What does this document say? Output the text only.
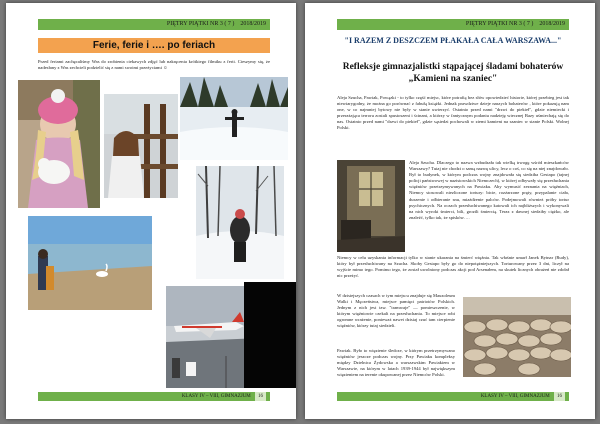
PIĘTRY PIĄTKI NR 3 ( 7 ) 2018/2019
Ferie, ferie i …. po feriach
Przed feriami zachęcaliśmy Was do zrobienia ciekawych zdjęć lub nakręcenia krótkiego filmiku z ferii. Cieszymy się, że nadesłany z Was zechcieli podzielić się z nami swoimi przeżyciami ☺
KLASY IV – VIII, GIMNAZJUM 16
PIĘTRY PIĄTKI NR 3 ( 7 ) 2018/2019
"I RAZEM Z DESZCZEM PŁAKAŁA CAŁA WARSZAWA..."
Refleksje gimnazjalistki stąpającej śladami bohaterów „Kamieni na szaniec"
Aleja Szucha, Pawiak, Powązki - to tylko część miejsc, które potrafią bez słów opowiedzieć historie, której przebieg jest tak niewiarygodny, że można go porównać z fabułą książki. Jednak prawdziwe dzieje naszych bohaterów , które pokazują nam one, w co najmniej bytowy nie były w stanie uwierzyć. Ostatnio przed nami "drzwi do piekieł", gdzie niemiecki i przerażająca terroru zostali spustoszeni i ścinani, a którzy w fantycznym podaniu nadzieję wiecznej Bazy uśmiechają się do nas. Ostatnio przed nami "drzwi do piekieł", gdzie sąsiedzi pochowali w ziemi kamieni na szaniec w stanie Polski. Wolnej Polski.
Aleja Szucha. Dlaczego to nazwa wzbudzała tak wielką trwogę wśród mieszkańców Warszawy? Tutaj nie chodzi o samą nazwę ulicy, lecz o coś, co się na niej znajdowało. Był to budynek, w którym podczas wojny znajdowała się siedziba Gestapo (tajnej policji państwowej w nazistowskich Niemczech), w której odbywały się przesłuchania więźniów przetrzymywanych na Pawiaku. Aby wymusić zeznania na więźniach, Niemcy stosowali niezliczone tortury: bicie, rozżarzone pręty, przypalanie ciała, duszenie i odbieranie snu, miażdżenie palców. Podejmowali również próby tortur psychicznych. Na oczach przesłuchiwanego katowali ich najbliższych i wykonywali na nich wyroki śmierci, bili, grozili śmiercią. Teraz z dawnej siedziby ciężko, ale znaleźć, tylko tak, że spisków….
Niemcy w celu uzyskania informacji tylko w stanie ukarania na śmierć więźnia. Tak właśnie umarł Janek Bytnar (Rudy), który był przesłuchiwany na Szucha. Skoby Gestapo były go do niepotężniejszych. Torturowany przez 3 dni, liczył na wyjście mimo tego. Pomimo tego, że został uwolniony podczas akcji pod Arsenałem, na skutek licznych obrażeń nie zdołał nic przeżyć.
W dzisiejszych czasach w tym miejscu znajduje się Mauzoleum Walki i Męczeństwa, miejsce pamięci patriotów Polskich. Jednym z nich jest tzw. "tramwaje" — pomieszczenie, w którym więźniowie czekali na przesłuchania. To miejsce robi ogromne wrażenie, ponieważ nawet dzisiaj czuć tam cierpienie więźniów, którzy tutaj siedzieli.
Pawiak. Było to więzienie śledcze, w którym przetrzymywano więźniów jeszcze podczas wojny. Przy Pawiaku kompleksy między Dzielnica Żydowska a warszawskim Pawiakiem w Warszawie, na którym w latach 1939-1944 był największym więzieniem na terenie okupowanej przez Niemców Polski.
KLASY IV – VIII, GIMNAZJUM 16
